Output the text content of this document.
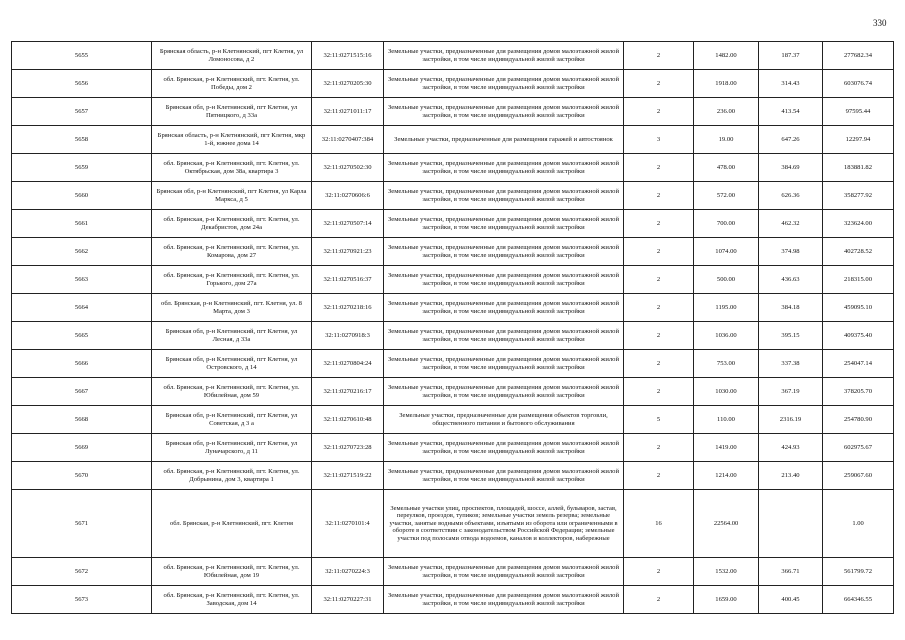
330
5655	Брянская область, р-н Клетнянский, пгт Клетня, ул Ломоносова, д 2	32:11:0271515:16	Земельные участки, предназначенные для размещения домов малоэтажной жилой застройки, в том числе индивидуальной жилой застройки	2	1482.00	187.37	277682.34
5656	обл. Брянская, р-н Клетнянский, пгт. Клетня, ул. Победы, дом 2	32:11:0270205:30	Земельные участки, предназначенные для размещения домов малоэтажной жилой застройки, в том числе индивидуальной жилой застройки	2	1918.00	314.43	603076.74
5657	Брянская обл, р-н Клетнянский, пгт Клетня, ул Пятницкого, д 33а	32:11:0271011:17	Земельные участки, предназначенные для размещения домов малоэтажной жилой застройки, в том числе индивидуальной жилой застройки	2	236.00	413.54	97595.44
5658	Брянская область, р-н Клетнянский, пгт Клетня, мкр 1-й, южнее дома 14	32:11:0270407:384	Земельные участки, предназначенные для размещения гаражей и автостоянок	3	19.00	647.26	12297.94
5659	обл. Брянская, р-н Клетнянский, пгт. Клетня, ул. Октябрьская, дом 38а, квартира 3	32:11:0270502:30	Земельные участки, предназначенные для размещения домов малоэтажной жилой застройки, в том числе индивидуальной жилой застройки	2	478.00	384.69	183881.82
5660	Брянская обл, р-н Клетнянский, пгт Клетня, ул Карла Маркса, д 5	32:11:0270606:6	Земельные участки, предназначенные для размещения домов малоэтажной жилой застройки, в том числе индивидуальной жилой застройки	2	572.00	626.36	358277.92
5661	обл. Брянская, р-н Клетнянский, пгт. Клетня, ул. Декабристов, дом 24а	32:11:0270507:14	Земельные участки, предназначенные для размещения домов малоэтажной жилой застройки, в том числе индивидуальной жилой застройки	2	700.00	462.32	323624.00
5662	обл. Брянская, р-н Клетнянский, пгт. Клетня, ул. Комарова, дом 27	32:11:0270921:23	Земельные участки, предназначенные для размещения домов малоэтажной жилой застройки, в том числе индивидуальной жилой застройки	2	1074.00	374.98	402728.52
5663	обл. Брянская, р-н Клетнянский, пгт. Клетня, ул. Горького, дом 27а	32:11:0270516:37	Земельные участки, предназначенные для размещения домов малоэтажной жилой застройки, в том числе индивидуальной жилой застройки	2	500.00	436.63	218315.00
5664	обл. Брянская, р-н Клетнянский, пгт. Клетня, ул. 8 Марта, дом 3	32:11:0270218:16	Земельные участки, предназначенные для размещения домов малоэтажной жилой застройки, в том числе индивидуальной жилой застройки	2	1195.00	384.18	459095.10
5665	Брянская обл, р-н Клетнянский, пгт Клетня, ул Лесная, д 33а	32:11:0270918:3	Земельные участки, предназначенные для размещения домов малоэтажной жилой застройки, в том числе индивидуальной жилой застройки	2	1036.00	395.15	409375.40
5666	Брянская обл, р-н Клетнянский, пгт Клетня, ул Островского, д 14	32:11:0270804:24	Земельные участки, предназначенные для размещения домов малоэтажной жилой застройки, в том числе индивидуальной жилой застройки	2	753.00	337.38	254047.14
5667	обл. Брянская, р-н Клетнянский, пгт. Клетня, ул. Юбилейная, дом 59	32:11:0270216:17	Земельные участки, предназначенные для размещения домов малоэтажной жилой застройки, в том числе индивидуальной жилой застройки	2	1030.00	367.19	378205.70
5668	Брянская обл, р-н Клетнянский, пгт Клетня, ул Советская, д 3 а	32:11:0270610:48	Земельные участки, предназначенные для размещения объектов торговли, общественного питания и бытового обслуживания	5	110.00	2316.19	254780.90
5669	Брянская обл, р-н Клетнянский, пгт Клетня, ул Луначарского, д 11	32:11:0270723:28	Земельные участки, предназначенные для размещения домов малоэтажной жилой застройки, в том числе индивидуальной жилой застройки	2	1419.00	424.93	602975.67
5670	обл. Брянская, р-н Клетнянский, пгт. Клетня, ул. Добрынина, дом 3, квартира 1	32:11:0271519:22	Земельные участки, предназначенные для размещения домов малоэтажной жилой застройки, в том числе индивидуальной жилой застройки	2	1214.00	213.40	259067.60
5671	обл. Брянская, р-н Клетнянский, пгт. Клетня	32:11:0270101:4	Земельные участки улиц, проспектов, площадей, шоссе, аллей, бульваров, застав, переулков, проездов, тупиков; земельные участки земель резерва; земельные участки, занятые водными объектами, изъятыми из оборота или ограниченными в обороте в соответствии с законодательством Российской Федерации; земельные участки под полосами отвода водоемов, каналов и коллекторов, набережные	16	22564.00		1.00
5672	обл. Брянская, р-н Клетнянский, пгт. Клетня, ул. Юбилейная, дом 19	32:11:0270224:3	Земельные участки, предназначенные для размещения домов малоэтажной жилой застройки, в том числе индивидуальной жилой застройки	2	1532.00	366.71	561799.72
5673	обл. Брянская, р-н Клетнянский, пгт. Клетня, ул. Заводская, дом 14	32:11:0270227:31	Земельные участки, предназначенные для размещения домов малоэтажной жилой застройки, в том числе индивидуальной жилой застройки	2	1659.00	400.45	664346.55
